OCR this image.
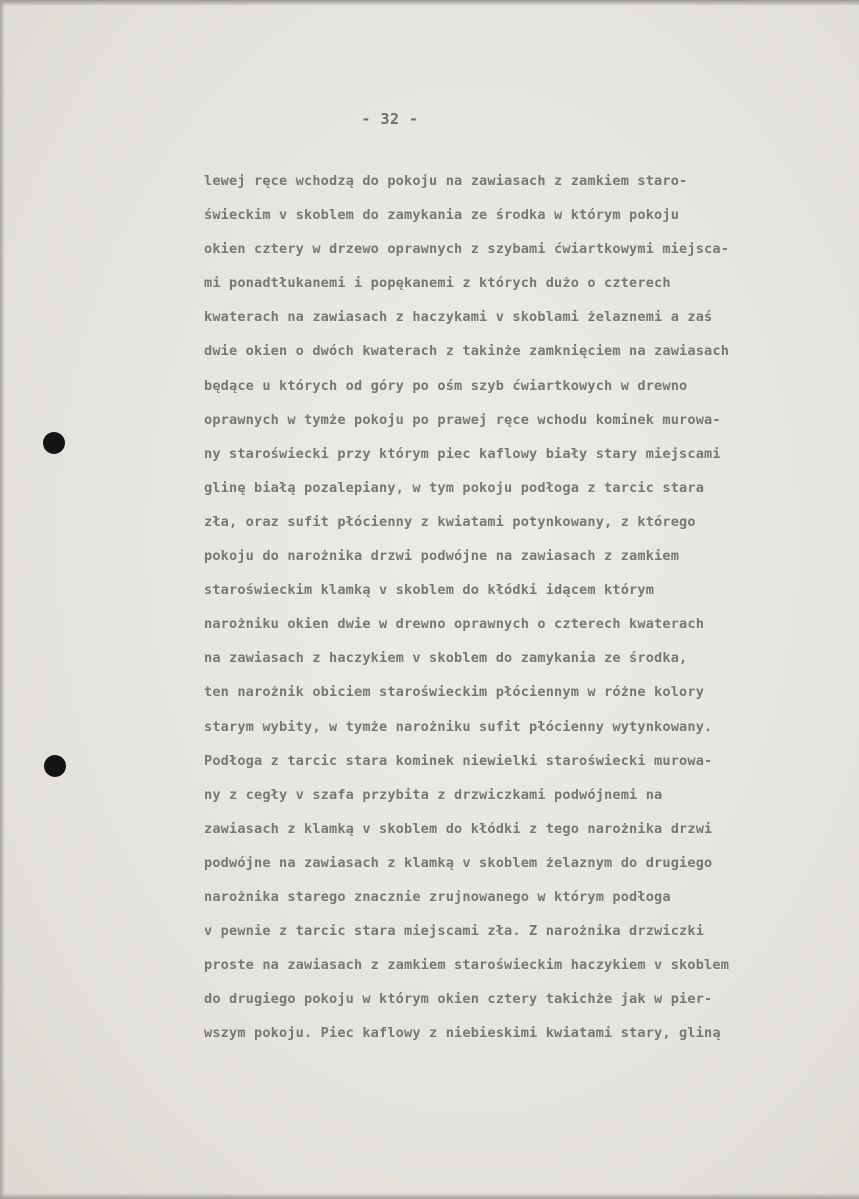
- 32 -
lewej ręce wchodzą do pokoju na zawiasach z zamkiem staro-
świeckim v skoblem do zamykania ze środka w którym pokoju
okien cztery w drzewo oprawnych z szybami ćwiartkowymi miejsca-
mi ponadtłukanemi i popękanemi z których dużo o czterech
kwaterach na zawiasach z haczykami v skoblami żelaznemi a zaś
dwie okien o dwóch kwaterach z takinże zamknięciem na zawiasach
będące u których od góry po ośm szyb ćwiartkowych w drewno
oprawnych w tymże pokoju po prawej ręce wchodu kominek murowa-
ny staroświecki przy którym piec kaflowy biały stary miejscami
glinę białą pozalepiany, w tym pokoju podłoga z tarcic stara
zła, oraz sufit płócienny z kwiatami potynkowany, z którego
pokoju do narożnika drzwi podwójne na zawiasach z zamkiem
staroświeckim klamką v skoblem do kłódki idącem którym
narożniku okien dwie w drewno oprawnych o czterech kwaterach
na zawiasach z haczykiem v skoblem do zamykania ze środka,
ten narożnik obiciem staroświeckim płóciennym w różne kolory
starym wybity, w tymże narożniku sufit płócienny wytynkowany.
Podłoga z tarcic stara kominek niewielki staroświecki murowa-
ny z cegły v szafa przybita z drzwiczkami podwójnemi na
zawiasach z klamką v skoblem do kłódki z tego narożnika drzwi
podwójne na zawiasach z klamką v skoblem żelaznym do drugiego
narożnika starego znacznie zrujnowanego w którym podłoga
v pewnie z tarcic stara miejscami zła. Z narożnika drzwiczki
proste na zawiasach z zamkiem staroświeckim haczykiem v skoblem
do drugiego pokoju w którym okien cztery takichże jak w pier-
wszym pokoju. Piec kaflowy z niebieskimi kwiatami stary, gliną
